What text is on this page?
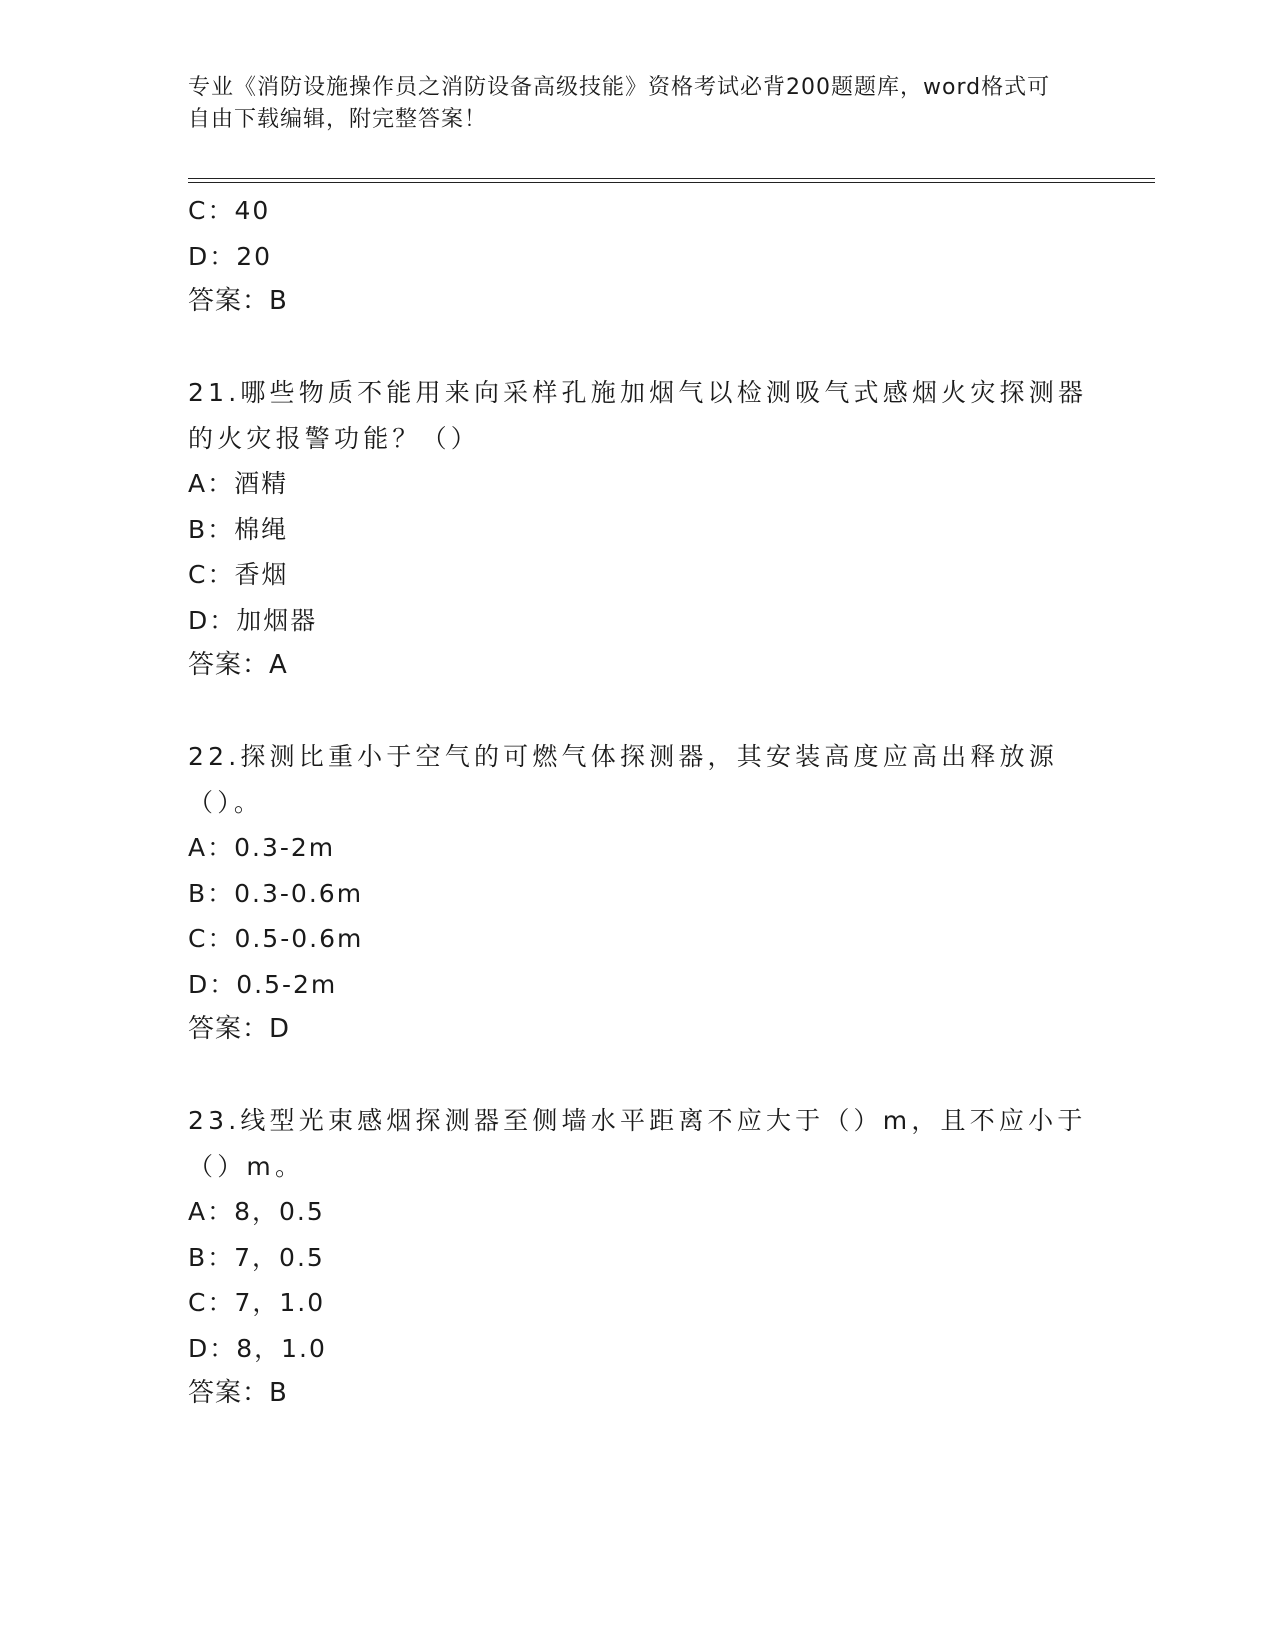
专业《消防设施操作员之消防设备高级技能》资格考试必背200题题库，word格式可自由下载编辑，附完整答案！
C：40
D：20
答案：B
21.哪些物质不能用来向采样孔施加烟气以检测吸气式感烟火灾探测器的火灾报警功能？（）
A：酒精
B：棉绳
C：香烟
D：加烟器
答案：A
22.探测比重小于空气的可燃气体探测器，其安装高度应高出释放源（）。
A：0.3-2m
B：0.3-0.6m
C：0.5-0.6m
D：0.5-2m
答案：D
23.线型光束感烟探测器至侧墙水平距离不应大于（）m，且不应小于（）m。
A：8，0.5
B：7，0.5
C：7，1.0
D：8，1.0
答案：B
